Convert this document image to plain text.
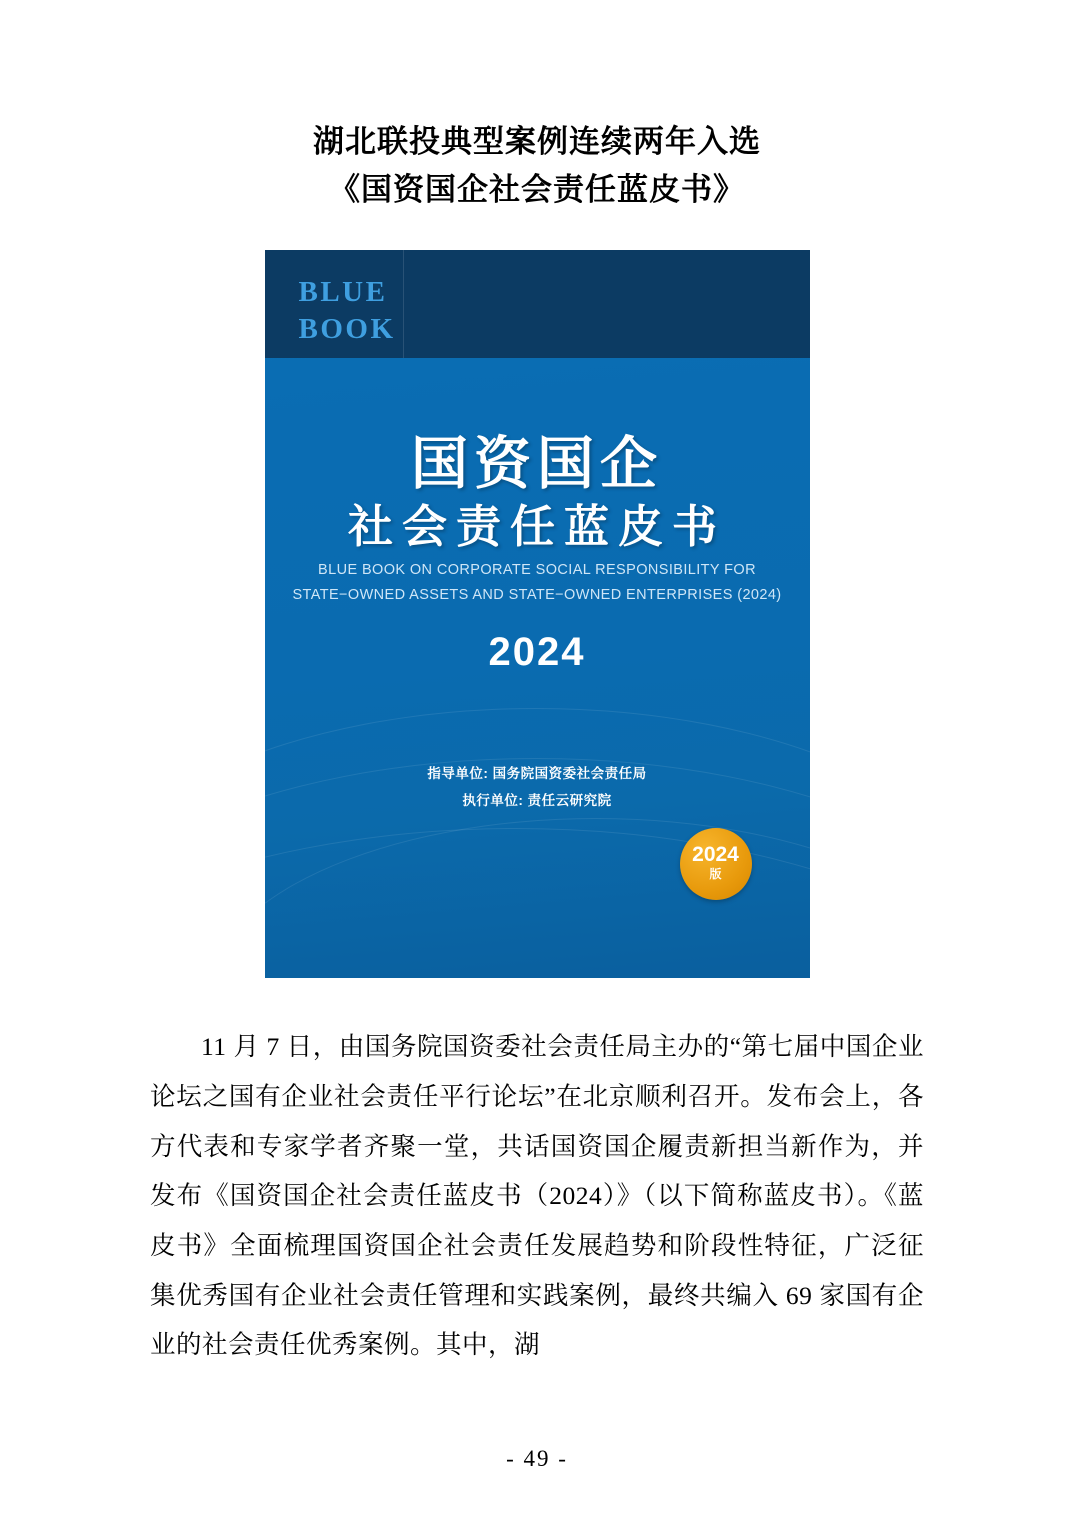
湖北联投典型案例连续两年入选
《国资国企社会责任蓝皮书》
BLUE
BOOK
国资国企
社会责任蓝皮书
BLUE BOOK ON CORPORATE SOCIAL RESPONSIBILITY FOR
STATE−OWNED ASSETS AND STATE−OWNED ENTERPRISES (2024)
2024
指导单位: 国务院国资委社会责任局
执行单位: 责任云研究院
2024
版

11 月 7 日，由国务院国资委社会责任局主办的“第七届中国企业论坛之国有企业社会责任平行论坛”在北京顺利召开。发布会上，各方代表和专家学者齐聚一堂，共话国资国企履责新担当新作为，并发布《国资国企社会责任蓝皮书（2024）》（以下简称蓝皮书）。《蓝皮书》全面梳理国资国企社会责任发展趋势和阶段性特征，广泛征集优秀国有企业社会责任管理和实践案例，最终共编入 69 家国有企业的社会责任优秀案例。其中，湖

- 49 -
